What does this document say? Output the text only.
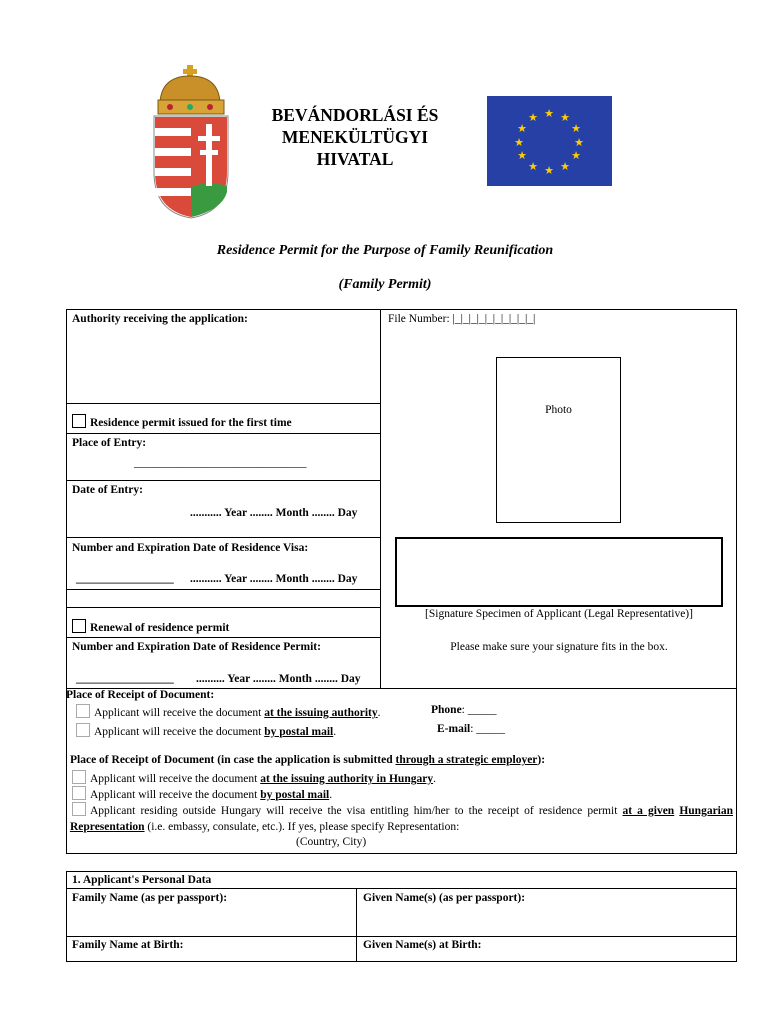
BEVÁNDORLÁSI ÉS
MENEKÜLTÜGYI
HIVATAL
★ ★
★
★
★
★
★
★
★
★
★
★
Residence Permit for the Purpose of Family Reunification
(Family Permit)
Authority receiving the application:	File Number: |_|_|_|_|_|_|_|_|_|_|
Photo
Residence permit issued for the first time
Place of Entry:
______________________________
Date of Entry:
........... Year ........ Month ........ Day
Number and Expiration Date of Residence Visa:
_________________ ........... Year ........ Month ........ Day
[Signature Specimen of Applicant (Legal Representative)]
Please make sure your signature fits in the box.
Renewal of residence permit
Number and Expiration Date of Residence Permit:
_________________ .......... Year ........ Month ........ Day
Place of Receipt of Document:
Applicant will receive the document at the issuing authority.
Applicant will receive the document by postal mail.
Phone: _____
E-mail: _____
Place of Receipt of Document (in case the application is submitted through a strategic employer):
Applicant will receive the document at the issuing authority in Hungary.
Applicant will receive the document by postal mail.
Applicant residing outside Hungary will receive the visa entitling him/her to the receipt of residence permit at a given Hungarian Representation (i.e. embassy, consulate, etc.). If yes, please specify Representation:
(Country, City)
1. Applicant's Personal Data
Family Name (as per passport):	Given Name(s) (as per passport):
Family Name at Birth:	Given Name(s) at Birth:
